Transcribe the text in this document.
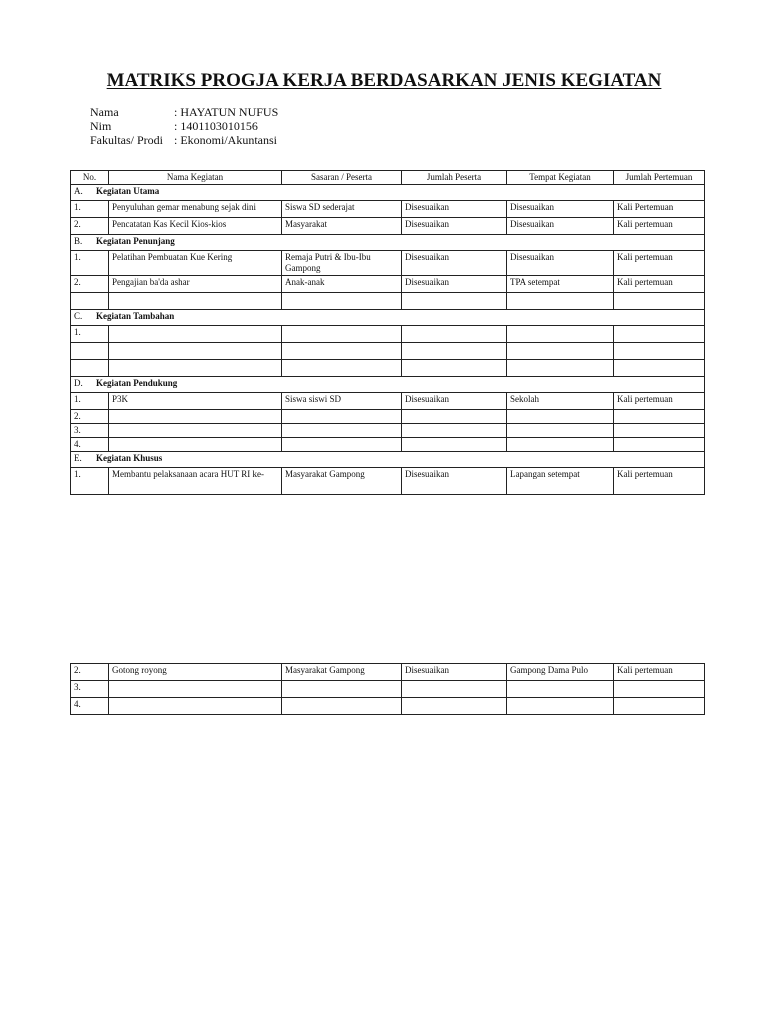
MATRIKS PROGJA KERJA BERDASARKAN JENIS KEGIATAN
Nama	: HAYATUN NUFUS
Nim	: 1401103010156
Fakultas/ Prodi : Ekonomi/Akuntansi
No.	Nama Kegiatan	Sasaran / Peserta	Jumlah Peserta	Tempat Kegiatan	Jumlah Pertemuan
A. Kegiatan Utama					
1.	Penyuluhan gemar menabung sejak dini	Siswa SD sederajat	Disesuaikan	Disesuaikan	Kali Pertemuan
2.	Pencatatan Kas Kecil Kios-kios	Masyarakat	Disesuaikan	Disesuaikan	Kali pertemuan
B. Kegiatan Penunjang					
1.	Pelatihan Pembuatan Kue Kering	Remaja Putri & Ibu-Ibu Gampong	Disesuaikan	Disesuaikan	Kali pertemuan
2.	Pengajian ba'da ashar	Anak-anak	Disesuaikan	TPA setempat	Kali pertemuan

C. Kegiatan Tambahan					
1.					

D. Kegiatan Pendukung					
1.	P3K	Siswa siswi SD	Disesuaikan	Sekolah	Kali pertemuan
2.					
3.					
4.					
E. Kegiatan Khusus					
1.	Membantu pelaksanaan acara HUT RI ke-	Masyarakat Gampong	Disesuaikan	Lapangan setempat	Kali pertemuan
2.	Gotong royong	Masyarakat Gampong	Disesuaikan	Gampong Dama Pulo	Kali pertemuan
3.					
4.					
